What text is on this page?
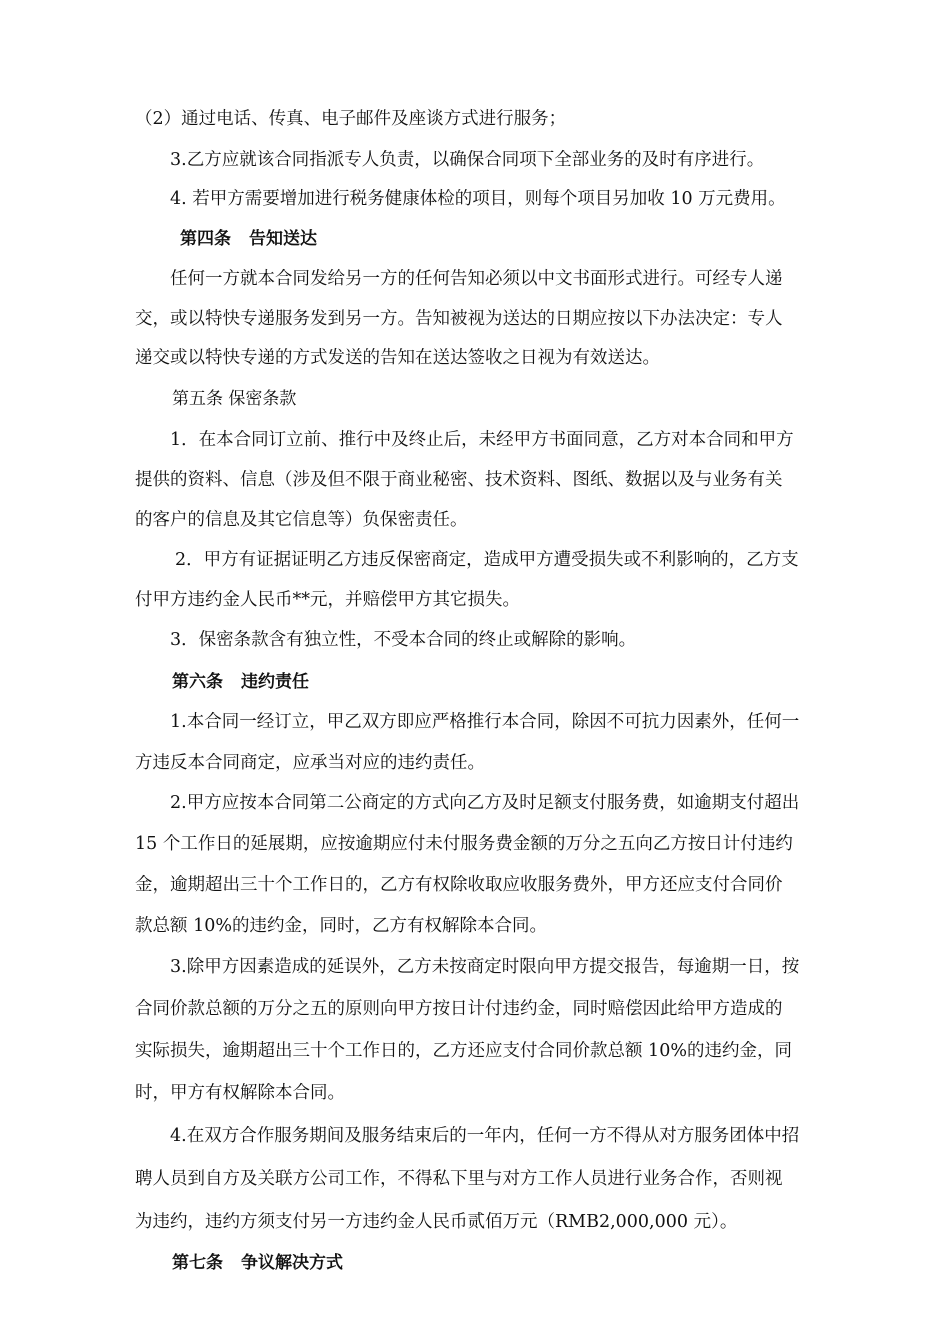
（2）通过电话、传真、电子邮件及座谈方式进行服务；
3.乙方应就该合同指派专人负责，以确保合同项下全部业务的及时有序进行。
4. 若甲方需要增加进行税务健康体检的项目，则每个项目另加收 10 万元费用。
第四条 告知送达
任何一方就本合同发给另一方的任何告知必须以中文书面形式进行。可经专人递
交，或以特快专递服务发到另一方。告知被视为送达的日期应按以下办法决定：专人
递交或以特快专递的方式发送的告知在送达签收之日视为有效送达。
第五条 保密条款
1．在本合同订立前、推行中及终止后，未经甲方书面同意，乙方对本合同和甲方
提供的资料、信息（涉及但不限于商业秘密、技术资料、图纸、数据以及与业务有关
的客户的信息及其它信息等）负保密责任。
2．甲方有证据证明乙方违反保密商定，造成甲方遭受损失或不利影响的，乙方支
付甲方违约金人民币**元，并赔偿甲方其它损失。
3．保密条款含有独立性，不受本合同的终止或解除的影响。
第六条 违约责任
1.本合同一经订立，甲乙双方即应严格推行本合同，除因不可抗力因素外，任何一
方违反本合同商定，应承当对应的违约责任。
2.甲方应按本合同第二公商定的方式向乙方及时足额支付服务费，如逾期支付超出
15 个工作日的延展期，应按逾期应付未付服务费金额的万分之五向乙方按日计付违约
金，逾期超出三十个工作日的，乙方有权除收取应收服务费外，甲方还应支付合同价
款总额 10%的违约金，同时，乙方有权解除本合同。
3.除甲方因素造成的延误外，乙方未按商定时限向甲方提交报告，每逾期一日，按
合同价款总额的万分之五的原则向甲方按日计付违约金，同时赔偿因此给甲方造成的
实际损失，逾期超出三十个工作日的，乙方还应支付合同价款总额 10%的违约金，同
时，甲方有权解除本合同。
4.在双方合作服务期间及服务结束后的一年内，任何一方不得从对方服务团体中招
聘人员到自方及关联方公司工作，不得私下里与对方工作人员进行业务合作，否则视
为违约，违约方须支付另一方违约金人民币贰佰万元（RMB2,000,000 元）。
第七条 争议解决方式
